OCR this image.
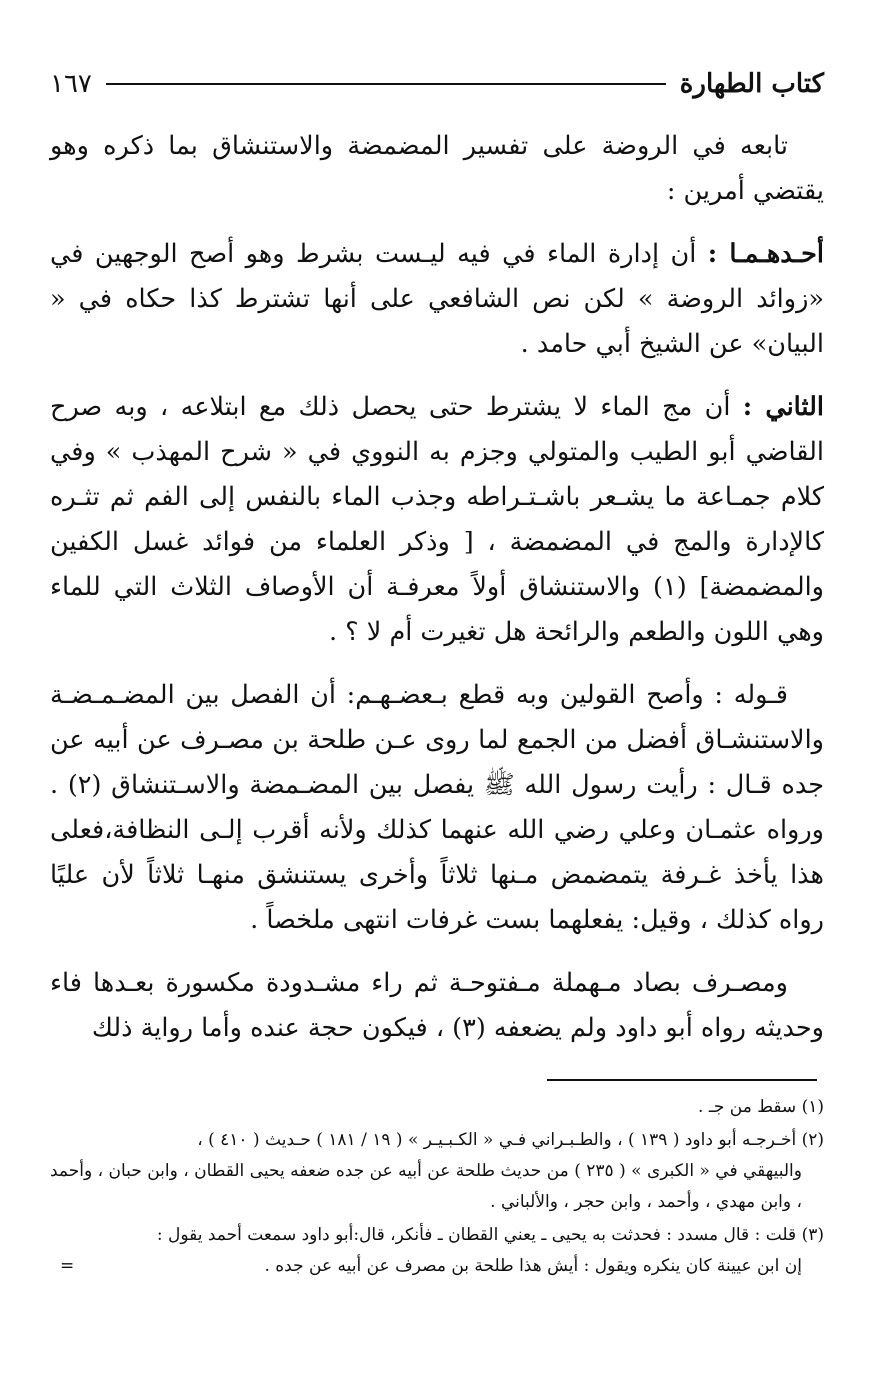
كتاب الطهارة
١٦٧

تابعه في الروضة على تفسير المضمضة والاستنشاق بما ذكره وهو يقتضي أمرين :

أحـدهـمـا : أن إدارة الماء في فيه ليـست بشرط وهو أصح الوجهين في «زوائد الروضة » لكن نص الشافعي على أنها تشترط كذا حكاه في « البيان» عن الشيخ أبي حامد .

الثاني : أن مج الماء لا يشترط حتى يحصل ذلك مع ابتلاعه ، وبه صرح القاضي أبو الطيب والمتولي وجزم به النووي في « شرح المهذب » وفي كلام جمـاعة ما يشـعر باشـتـراطه وجذب الماء بالنفس إلى الفم ثم تثـره كالإدارة والمج في المضمضة ، [ وذكر العلماء من فوائد غسل الكفين والمضمضة] (١) والاستنشاق أولاً معرفـة أن الأوصاف الثلاث التي للماء وهي اللون والطعم والرائحة هل تغيرت أم لا ؟ .

قـوله : وأصح القولين وبه قطع بـعضـهـم: أن الفصل بين المضـمـضـة والاستنشـاق أفضل من الجمع لما روى عـن طلحة بن مصـرف عن أبيه عن جده قـال : رأيت رسول الله ﷺ يفصل بين المضـمضة والاسـتنشاق (٢) . ورواه عثمـان وعلي رضي الله عنهما كذلك ولأنه أقرب إلـى النظافة،فعلى هذا يأخذ غـرفة يتمضمض مـنها ثلاثاً وأخرى يستنشق منهـا ثلاثاً لأن عليًا رواه كذلك ، وقيل: يفعلهما بست غرفات انتهى ملخصاً .

ومصـرف بصاد مـهملة مـفتوحـة ثم راء مشـدودة مكسورة بعـدها فاء وحديثه رواه أبو داود ولم يضعفه (٣) ، فيكون حجة عنده وأما رواية ذلك

(١) سقط من جـ .
(٢) أخـرجـه أبو داود ( ١٣٩ ) ، والطـبـراني فـي « الكـبـيـر » ( ١٩ / ١٨١ ) حـديث ( ٤١٠ ) ،
والبيهقي في « الكبرى » ( ٢٣٥ ) من حديث طلحة عن أبيه عن جده ضعفه يحيى القطان ، وابن حبان ، وأحمد ، وابن مهدي ، وأحمد ، وابن حجر ، والألباني .
(٣) قلت : قال مسدد : فحدثت به يحيى ـ يعني القطان ـ فأنكر، قال:أبو داود سمعت أحمد يقول :
=	إن ابن عيينة كان ينكره ويقول : أيش هذا طلحة بن مصرف عن أبيه عن جده .
